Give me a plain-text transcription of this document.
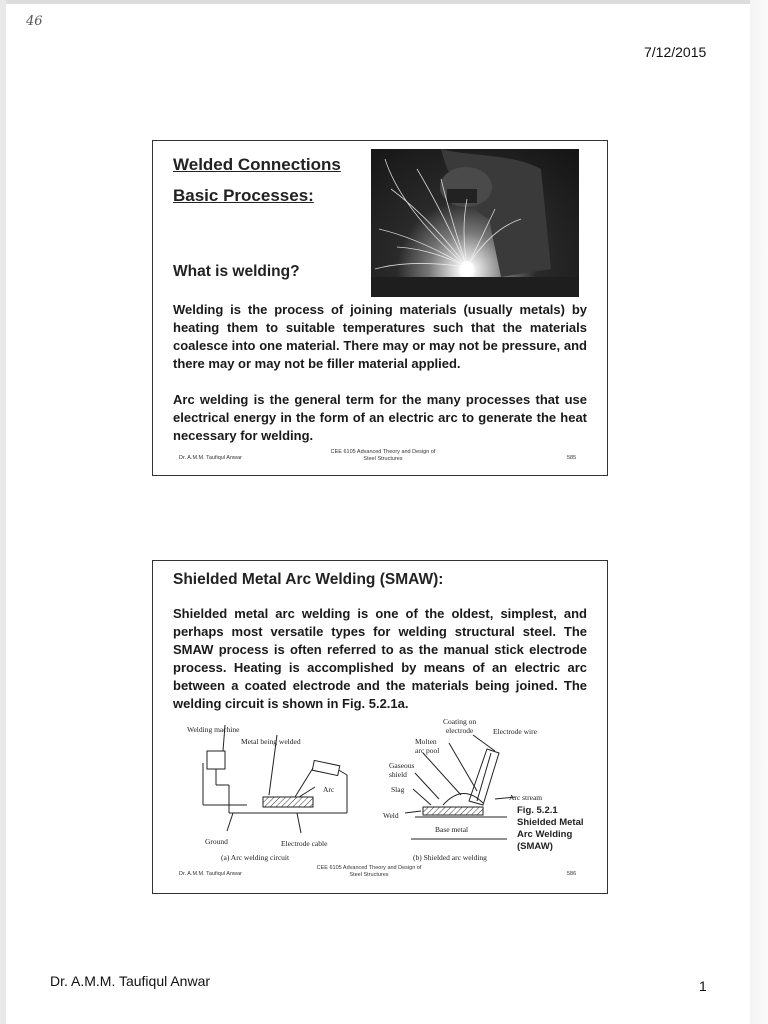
46
7/12/2015
Welded Connections
Basic Processes:
What is welding?
Welding is the process of joining materials (usually metals) by heating them to suitable temperatures such that the materials coalesce into one material. There may or may not be pressure, and there may or may not be filler material applied.
Arc welding is the general term for the many processes that use electrical energy in the form of an electric arc to generate the heat necessary for welding.
Dr. A.M.M. Taufiqul Anwar
CEE 6105 Advanced Theory and Design of
Steel Structures	585
Shielded Metal Arc Welding (SMAW):
Shielded metal arc welding is one of the oldest, simplest, and perhaps most versatile types for welding structural steel. The SMAW process is often referred to as the manual stick electrode process. Heating is accomplished by means of an electric arc between a coated electrode and the materials being joined. The welding circuit is shown in Fig. 5.2.1a.
Welding machine
Metal being welded
Arc
Ground	Electrode cable
(a) Arc welding circuit
Coating on
electrode	Electrode wire
Molten
arc pool
Gaseous
shield
Slag
Arc stream
Weld
Base metal
(b) Shielded arc welding
Fig. 5.2.1
Shielded Metal
Arc Welding
(SMAW)
Dr. A.M.M. Taufiqul Anwar
CEE 6105 Advanced Theory and Design of
Steel Structures	586
Dr. A.M.M. Taufiqul Anwar	1
